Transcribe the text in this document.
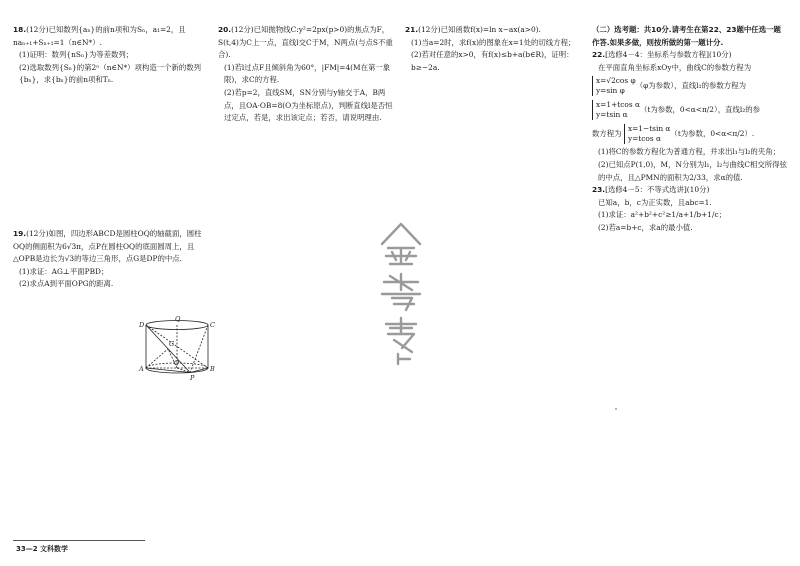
18.(12分)已知数列{aₙ}的前n项和为Sₙ，a₁=2，且naₙ₊₁+Sₙ₊₁=1（n∈N*）.

(1)证明：数列{nSₙ}为等差数列；

(2)选取数列{Sₙ}的第2ⁿ（n∈N*）项构造一个新的数列{bₙ}，求{bₙ}的前n项和Tₙ.

19.(12分)如图，四边形ABCD是圆柱OQ的轴截面，圆柱OQ的侧面积为6√3π，点P在圆柱OQ的底面圆周上，且△OPB是边长为√3的等边三角形，点G是DP的中点.

(1)求证：AG⊥平面PBD；

(2)求点A到平面OPG的距离.

D
Q
C
G
A
O
B
P

20.(12分)已知抛物线C:y²=2px(p>0)的焦点为F，S(t,4)为C上一点，直线l交C于M，N两点(与点S不重合).

(1)若l过点F且倾斜角为60°，|FM|=4(M在第一象限)，求C的方程.

(2)若p=2，直线SM，SN分别与y轴交于A，B两点，且OA·OB=8(O为坐标原点)，判断直线l是否恒过定点，若是，求出该定点；若否，请说明理由.

21.(12分)已知函数f(x)=ln x−ax(a>0).

(1)当a=2时，求f(x)的图象在x=1处的切线方程；

(2)若对任意的x>0，有f(x)≤b+a(b∈R)，证明：b≥−2a.

（二）选考题：共10分.请考生在第22、23题中任选一题作答.如果多做，则按所做的第一题计分.

22.[选修4－4：坐标系与参数方程](10分)

在平面直角坐标系xOy中，曲线C的参数方程为

x=√2cos φ
y=sin φ
（φ为参数），直线l₁的参数方程为

x=1+tcos α
y=tsin α
（t为参数，0<α<π/2），直线l₂的参

数方程为
x=1−tsin α
y=tcos α
（t为参数，0<α<π/2）.

(1)将C的参数方程化为普通方程，并求出l₁与l₂的夹角；

(2)已知点P(1,0)，M，N分别为l₁，l₂与曲线C相交所得弦的中点，且△PMN的面积为2/33，求α的值.

23.[选修4－5：不等式选讲](10分)

已知a，b，c为正实数，且abc=1.

(1)求证：a²+b²+c²≥1/a+1/b+1/c；

(2)若a=b+c，求a的最小值.

33—2 文科数学
